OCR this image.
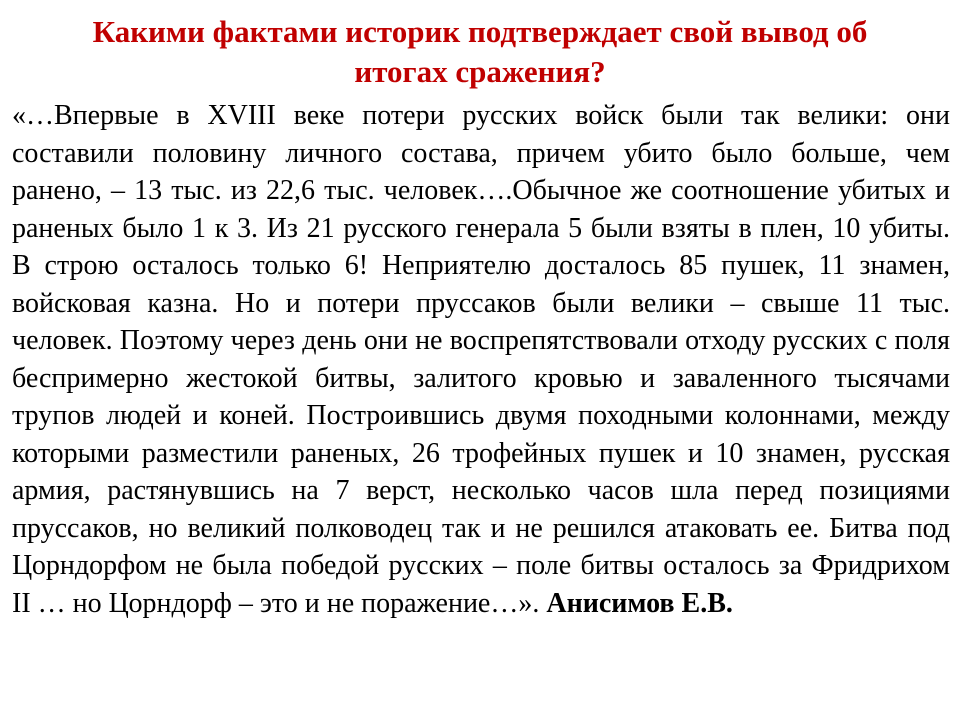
Какими фактами историк подтверждает свой вывод об
итогах сражения?

«…Впервые в XVIII веке потери русских войск были так велики: они составили половину личного состава, причем убито было больше, чем ранено, – 13 тыс. из 22,6 тыс. человек….Обычное же соотношение убитых и раненых было 1 к 3. Из 21 русского генерала 5 были взяты в плен, 10 убиты. В строю осталось только 6! Неприятелю досталось 85 пушек, 11 знамен, войсковая казна. Но и потери пруссаков были велики – свыше 11 тыс. человек. Поэтому через день они не воспрепятствовали отходу русских с поля беспримерно жестокой битвы, залитого кровью и заваленного тысячами трупов людей и коней. Построившись двумя походными колоннами, между которыми разместили раненых, 26 трофейных пушек и 10 знамен, русская армия, растянувшись на 7 верст, несколько часов шла перед позициями пруссаков, но великий полководец так и не решился атаковать ее. Битва под Цорндорфом не была победой русских – поле битвы осталось за Фридрихом II … но Цорндорф – это и не поражение…». Анисимов Е.В.
